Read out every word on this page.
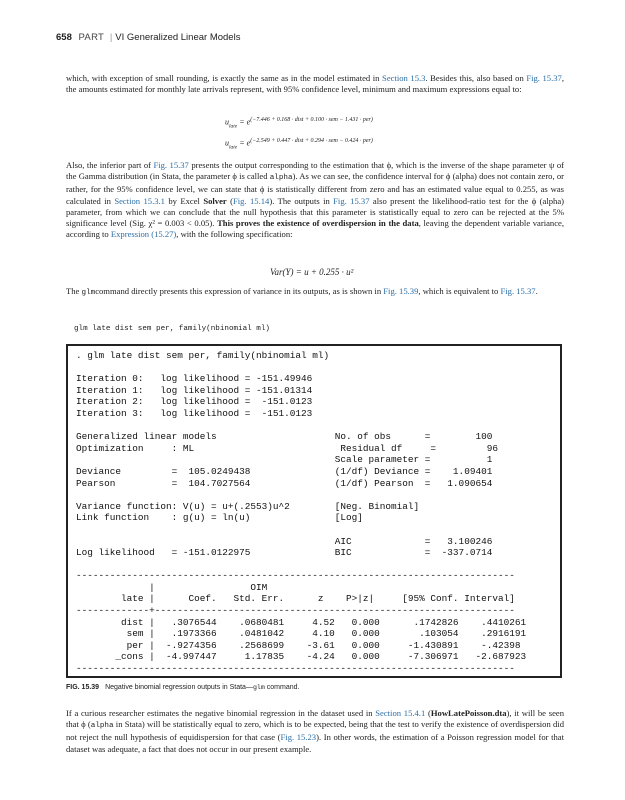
658 PART | VI Generalized Linear Models
which, with exception of small rounding, is exactly the same as in the model estimated in Section 15.3. Besides this, also based on Fig. 15.37, the amounts estimated for monthly late arrivals represent, with 95% confidence level, minimum and maximum expressions equal to:
$u_{late} = e^{(-7.446 + 0.168 \cdot dist + 0.100 \cdot sem - 1.431 \cdot per)}$
$u_{late} = e^{(-2.549 + 0.447 \cdot dist + 0.294 \cdot sem - 0.424 \cdot per)}$
Also, the inferior part of Fig. 15.37 presents the output corresponding to the estimation that ϕ, which is the inverse of the shape parameter ψ of the Gamma distribution (in Stata, the parameter ϕ is called alpha). As we can see, the confidence interval for ϕ (alpha) does not contain zero, or rather, for the 95% confidence level, we can state that ϕ is statistically different from zero and has an estimated value equal to 0.255, as was calculated in Section 15.3.1 by Excel Solver (Fig. 15.14). The outputs in Fig. 15.37 also present the likelihood-ratio test for the ϕ (alpha) parameter, from which we can conclude that the null hypothesis that this parameter is statistically equal to zero can be rejected at the 5% significance level (Sig. χ² = 0.003 < 0.05). This proves the existence of overdispersion in the data, leaving the dependent variable variance, according to Expression (15.27), with the following specification:
Var(Y) = u + 0.255 · u²
The glmcommand directly presents this expression of variance in its outputs, as is shown in Fig. 15.39, which is equivalent to Fig. 15.37.
glm late dist sem per, family(nbinomial ml)
. glm late dist sem per, family(nbinomial ml)

Iteration 0:   log likelihood = -151.49946
Iteration 1:   log likelihood = -151.01314
Iteration 2:   log likelihood =  -151.0123
Iteration 3:   log likelihood =  -151.0123

Generalized linear models                     No. of obs      =        100
Optimization     : ML                          Residual df     =         96
Scale parameter =          1
Deviance         =  105.0249438               (1/df) Deviance =    1.09401
Pearson          =  104.7027564               (1/df) Pearson  =   1.090654

Variance function: V(u) = u+(.2553)u^2        [Neg. Binomial]
Link function    : g(u) = ln(u)               [Log]

AIC             =   3.100246
Log likelihood   = -151.0122975               BIC             =  -337.0714

------------------------------------------------------------------------------
|                 OIM
late |      Coef.   Std. Err.      z    P>|z|     [95% Conf. Interval]
-------------+----------------------------------------------------------------
dist |   .3076544    .0680481     4.52   0.000      .1742826    .4410261
sem |   .1973366    .0481042     4.10   0.000       .103054    .2916191
per |  -.9274356    .2568699    -3.61   0.000     -1.430891    -.42398
_cons |  -4.997447     1.17835    -4.24   0.000     -7.306971   -2.687923
------------------------------------------------------------------------------
FIG. 15.39 Negative binomial regression outputs in Stata—glm command.
If a curious researcher estimates the negative binomial regression in the dataset used in Section 15.4.1 (HowLatePoisson.dta), it will be seen that ϕ (alpha in Stata) will be statistically equal to zero, which is to be expected, being that the test to verify the existence of overdispersion did not reject the null hypothesis of equidispersion for that case (Fig. 15.23). In other words, the estimation of a Poisson regression model for that dataset was adequate, a fact that does not occur in our present example.
